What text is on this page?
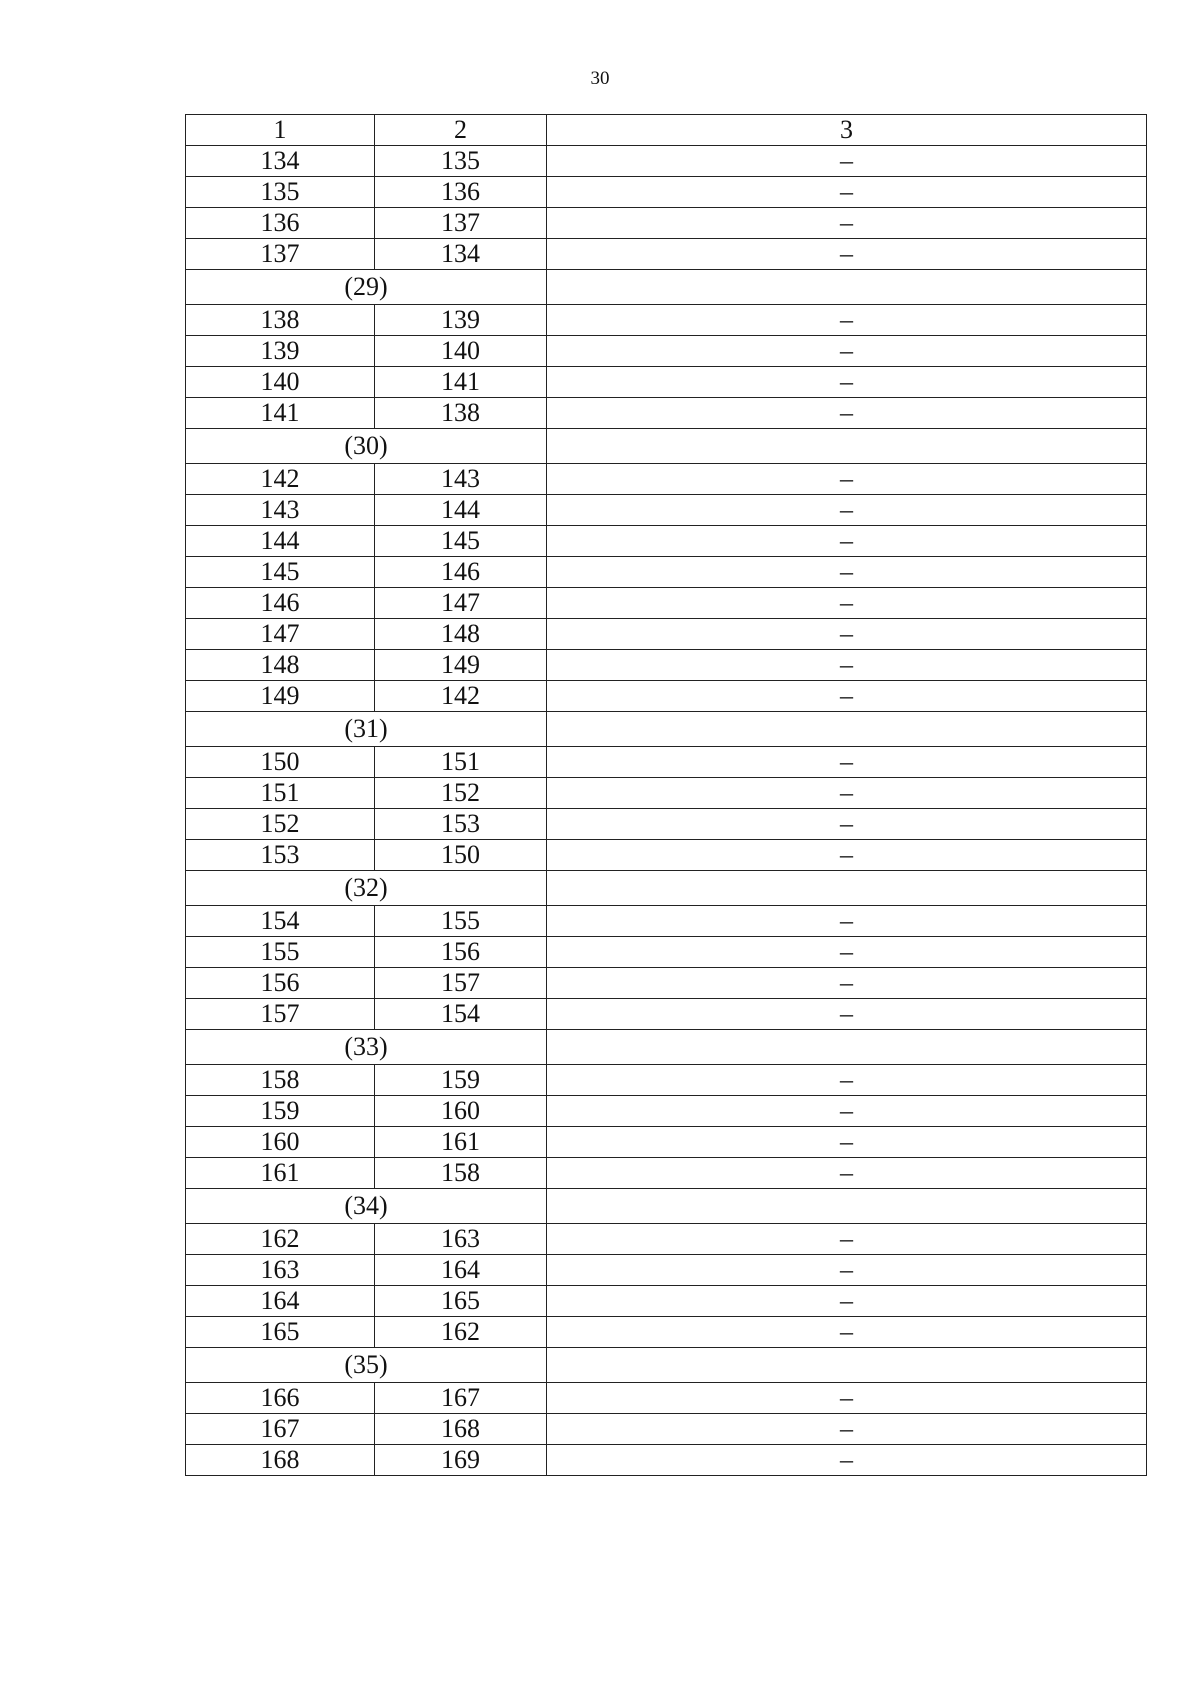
30
1	2	3
134	135	–
135	136	–
136	137	–
137	134	–
(29)		
138	139	–
139	140	–
140	141	–
141	138	–
(30)		
142	143	–
143	144	–
144	145	–
145	146	–
146	147	–
147	148	–
148	149	–
149	142	–
(31)		
150	151	–
151	152	–
152	153	–
153	150	–
(32)		
154	155	–
155	156	–
156	157	–
157	154	–
(33)		
158	159	–
159	160	–
160	161	–
161	158	–
(34)		
162	163	–
163	164	–
164	165	–
165	162	–
(35)		
166	167	–
167	168	–
168	169	–
